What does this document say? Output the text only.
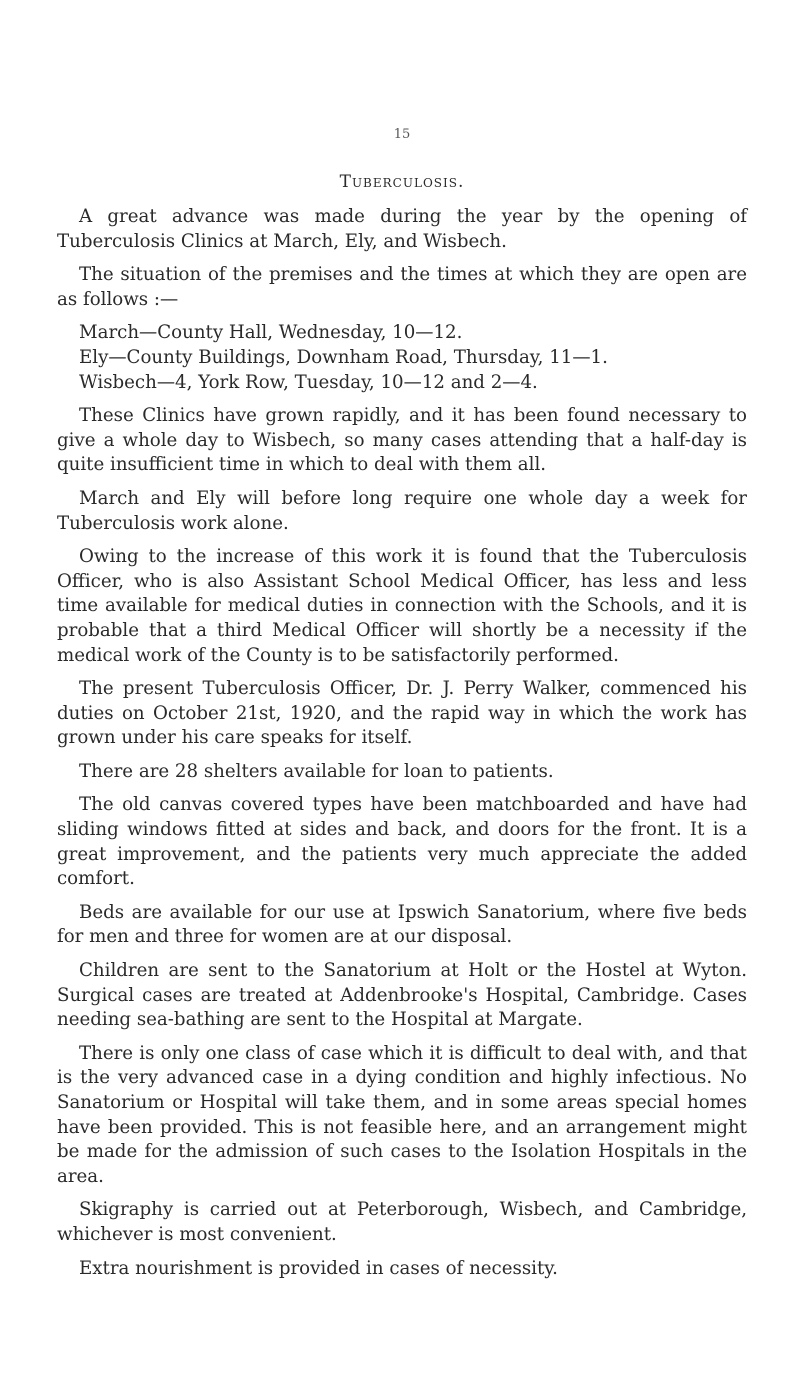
15
Tuberculosis.

A great advance was made during the year by the opening of Tuberculosis Clinics at March, Ely, and Wisbech.

The situation of the premises and the times at which they are open are as follows :—

March—County Hall, Wednesday, 10—12.

Ely—County Buildings, Downham Road, Thursday, 11—1.

Wisbech—4, York Row, Tuesday, 10—12 and 2—4.

These Clinics have grown rapidly, and it has been found necessary to give a whole day to Wisbech, so many cases attending that a half-day is quite insufficient time in which to deal with them all.

March and Ely will before long require one whole day a week for Tuberculosis work alone.

Owing to the increase of this work it is found that the Tuberculosis Officer, who is also Assistant School Medical Officer, has less and less time available for medical duties in connection with the Schools, and it is probable that a third Medical Officer will shortly be a necessity if the medical work of the County is to be satisfactorily performed.

The present Tuberculosis Officer, Dr. J. Perry Walker, commenced his duties on October 21st, 1920, and the rapid way in which the work has grown under his care speaks for itself.

There are 28 shelters available for loan to patients.

The old canvas covered types have been matchboarded and have had sliding windows fitted at sides and back, and doors for the front. It is a great improvement, and the patients very much appreciate the added comfort.

Beds are available for our use at Ipswich Sanatorium, where five beds for men and three for women are at our disposal.

Children are sent to the Sanatorium at Holt or the Hostel at Wyton. Surgical cases are treated at Addenbrooke's Hospital, Cambridge. Cases needing sea-bathing are sent to the Hospital at Margate.

There is only one class of case which it is difficult to deal with, and that is the very advanced case in a dying condition and highly infectious. No Sanatorium or Hospital will take them, and in some areas special homes have been provided. This is not feasible here, and an arrangement might be made for the admission of such cases to the Isolation Hospitals in the area.

Skigraphy is carried out at Peterborough, Wisbech, and Cambridge, whichever is most convenient.

Extra nourishment is provided in cases of necessity.
